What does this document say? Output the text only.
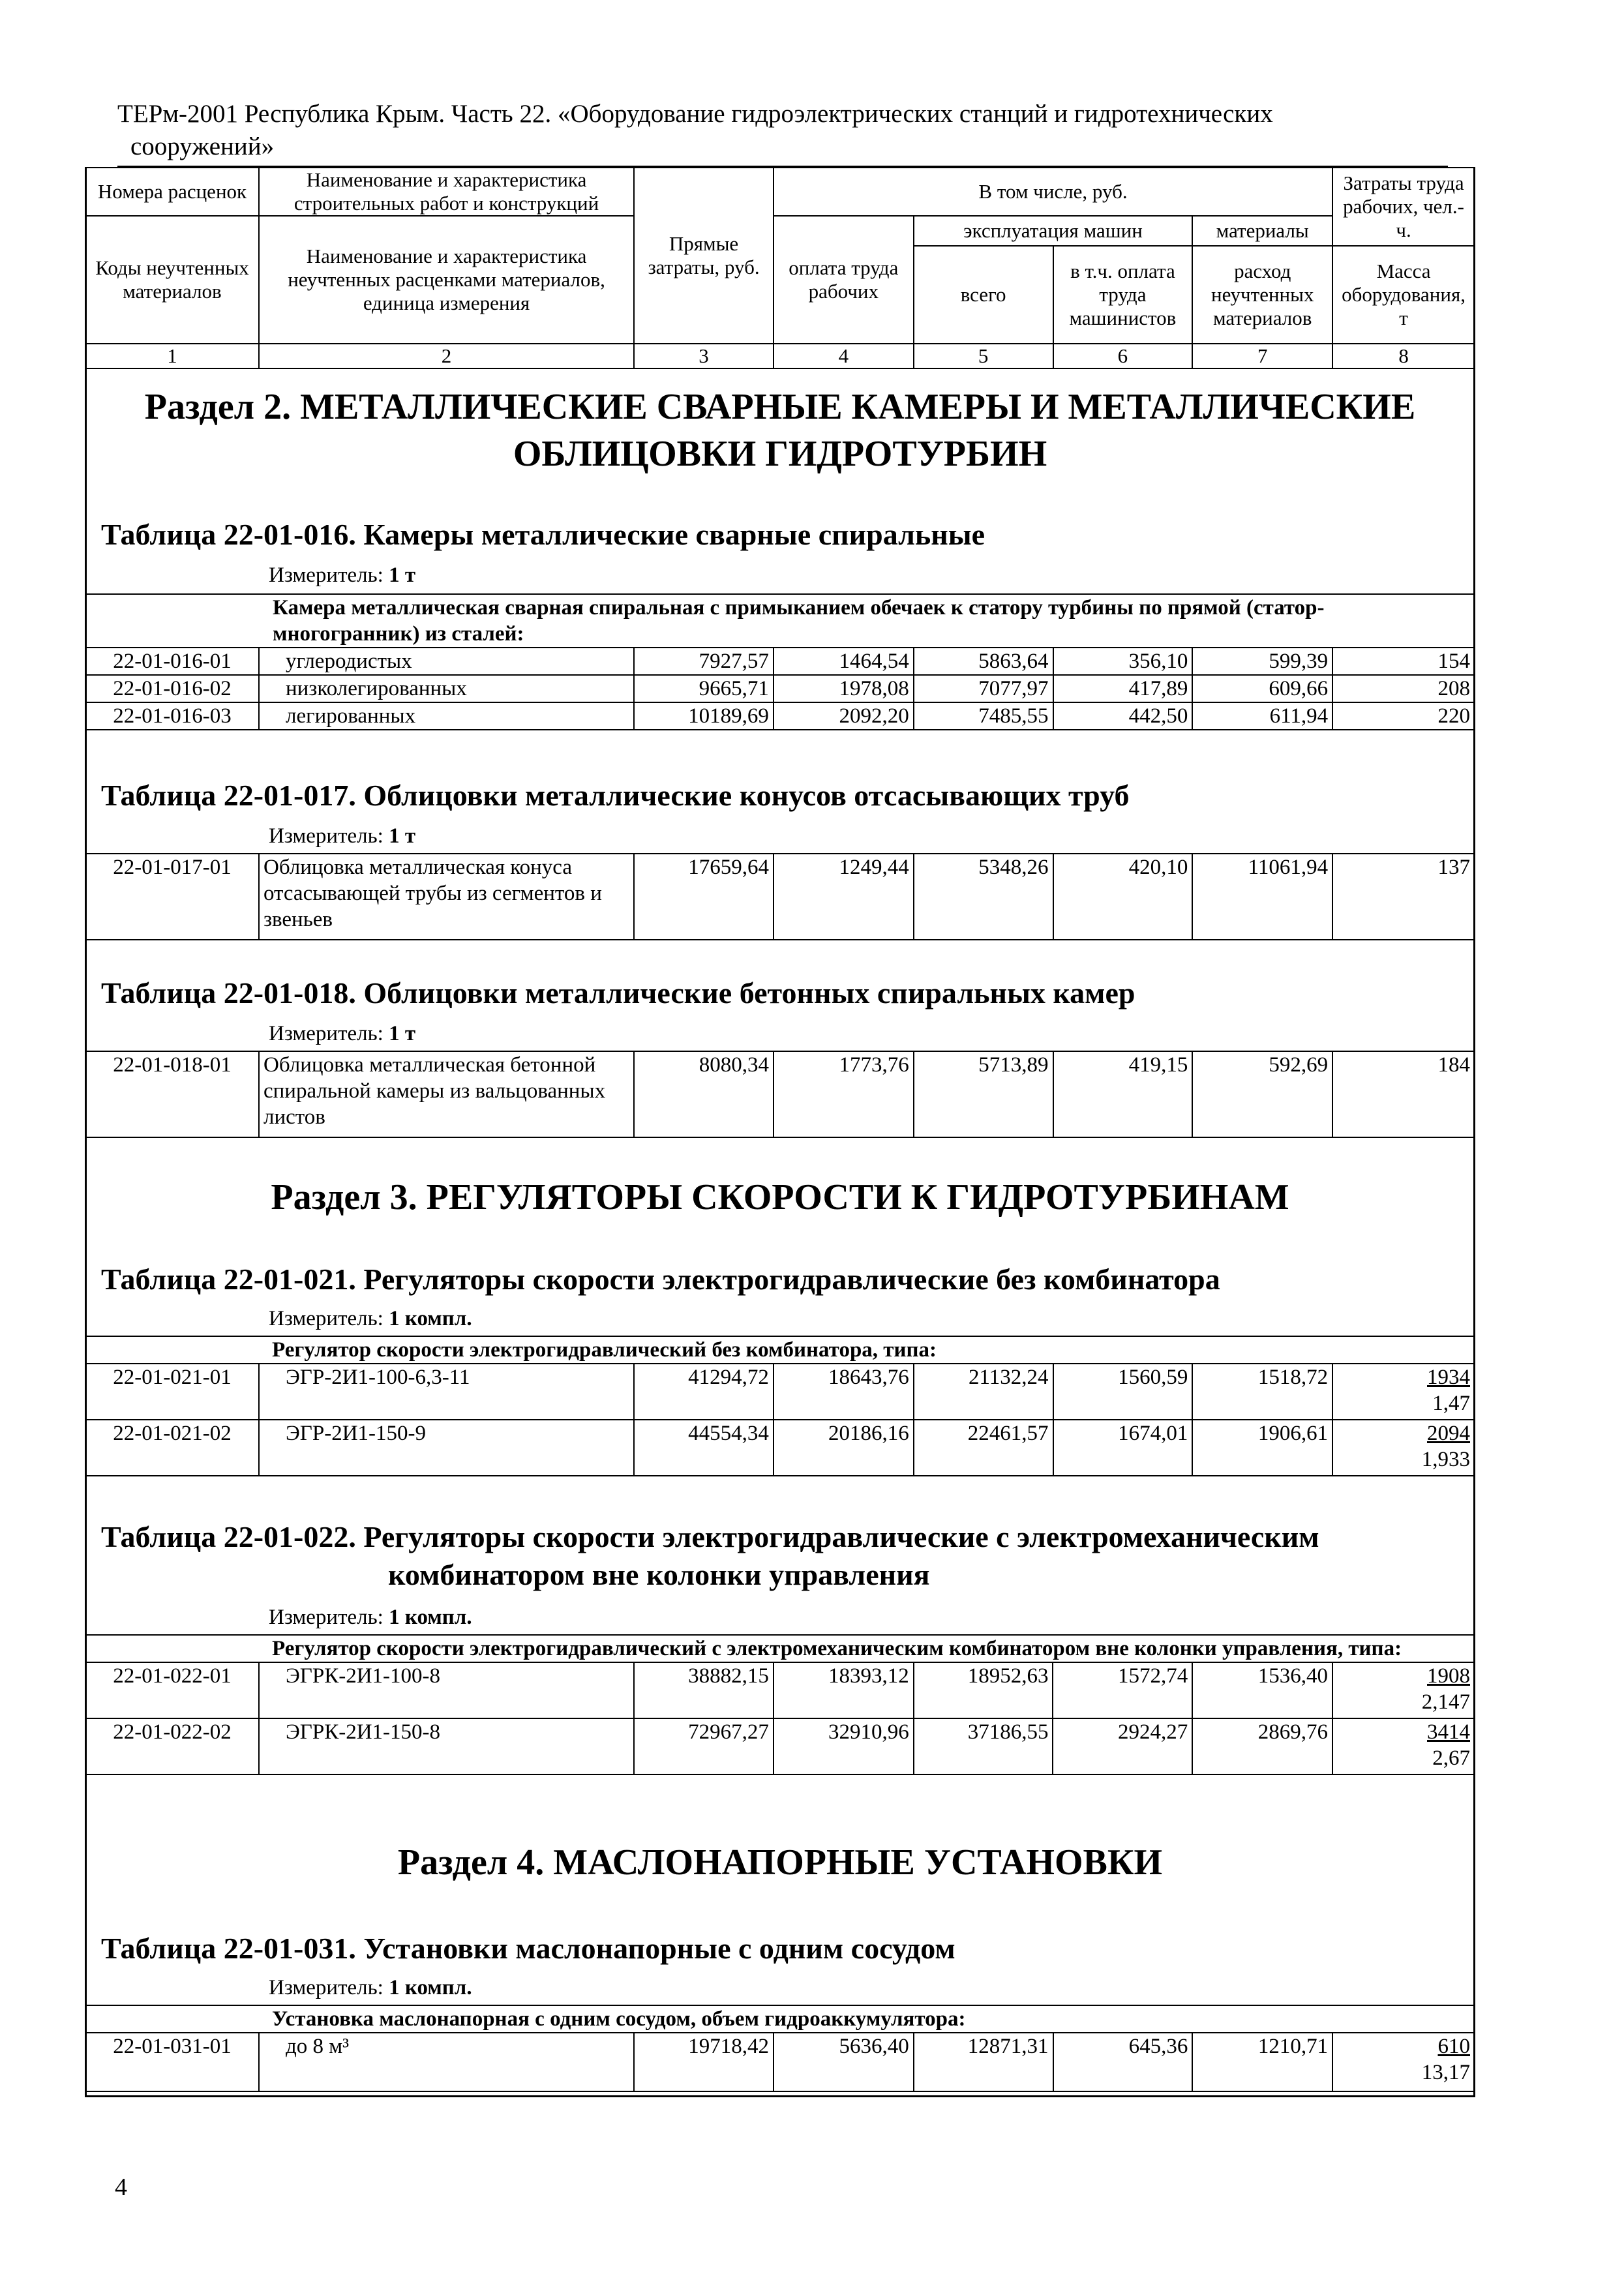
ТЕРм-2001 Республика Крым. Часть 22. «Оборудование гидроэлектрических станций и гидротехнических
сооружений»
Номера расценок	Наименование и характеристика строительных работ и конструкций	Прямые затраты, руб.	В том числе, руб.				Затраты труда рабочих, чел.-ч.
Коды неучтенных материалов	Наименование и характеристика неучтенных расценками материалов, единица измерения		оплата труда рабочих	эксплуатация машин		материалы	
				всего	в т.ч. оплата труда машинистов	расход неучтенных материалов	Масса оборудования, т
1	2	3	4	5	6	7	8
Раздел 2. МЕТАЛЛИЧЕСКИЕ СВАРНЫЕ КАМЕРЫ И МЕТАЛЛИЧЕСКИЕ
ОБЛИЦОВКИ ГИДРОТУРБИН
Таблица 22-01-016. Камеры металлические сварные спиральные
Измеритель: 1 т
Камера металлическая сварная спиральная с примыканием обечаек к статору турбины по прямой (статор-многогранник) из сталей:							
22-01-016-01	углеродистых	7927,57	1464,54	5863,64	356,10	599,39	154
22-01-016-02	низколегированных	9665,71	1978,08	7077,97	417,89	609,66	208
22-01-016-03	легированных	10189,69	2092,20	7485,55	442,50	611,94	220
Таблица 22-01-017. Облицовки металлические конусов отсасывающих труб
Измеритель: 1 т
22-01-017-01	Облицовка металлическая конуса отсасывающей трубы из сегментов и звеньев	17659,64	1249,44	5348,26	420,10	11061,94	137
Таблица 22-01-018. Облицовки металлические бетонных спиральных камер
Измеритель: 1 т
22-01-018-01	Облицовка металлическая бетонной спиральной камеры из вальцованных листов	8080,34	1773,76	5713,89	419,15	592,69	184
Раздел 3. РЕГУЛЯТОРЫ СКОРОСТИ К ГИДРОТУРБИНАМ
Таблица 22-01-021. Регуляторы скорости электрогидравлические без комбинатора
Измеритель: 1 компл.
Регулятор скорости электрогидравлический без комбинатора, типа:							
22-01-021-01	ЭГР-2И1-100-6,3-11	41294,72	18643,76	21132,24	1560,59	1518,72	1934
1,47

22-01-021-02	ЭГР-2И1-150-9	44554,34	20186,16	22461,57	1674,01	1906,61	2094
1,933
Таблица 22-01-022. Регуляторы скорости электрогидравлические с электромеханическим
комбинатором вне колонки управления
Измеритель: 1 компл.
Регулятор скорости электрогидравлический с электромеханическим комбинатором вне колонки управления, типа:							
22-01-022-01	ЭГРК-2И1-100-8	38882,15	18393,12	18952,63	1572,74	1536,40	1908
2,147

22-01-022-02	ЭГРК-2И1-150-8	72967,27	32910,96	37186,55	2924,27	2869,76	3414
2,67
Раздел 4. МАСЛОНАПОРНЫЕ УСТАНОВКИ
Таблица 22-01-031. Установки маслонапорные с одним сосудом
Измеритель: 1 компл.
Установка маслонапорная с одним сосудом, объем гидроаккумулятора:
22-01-031-01	до 8 м³	19718,42	5636,40	12871,31	645,36	1210,71	610
13,17
4
